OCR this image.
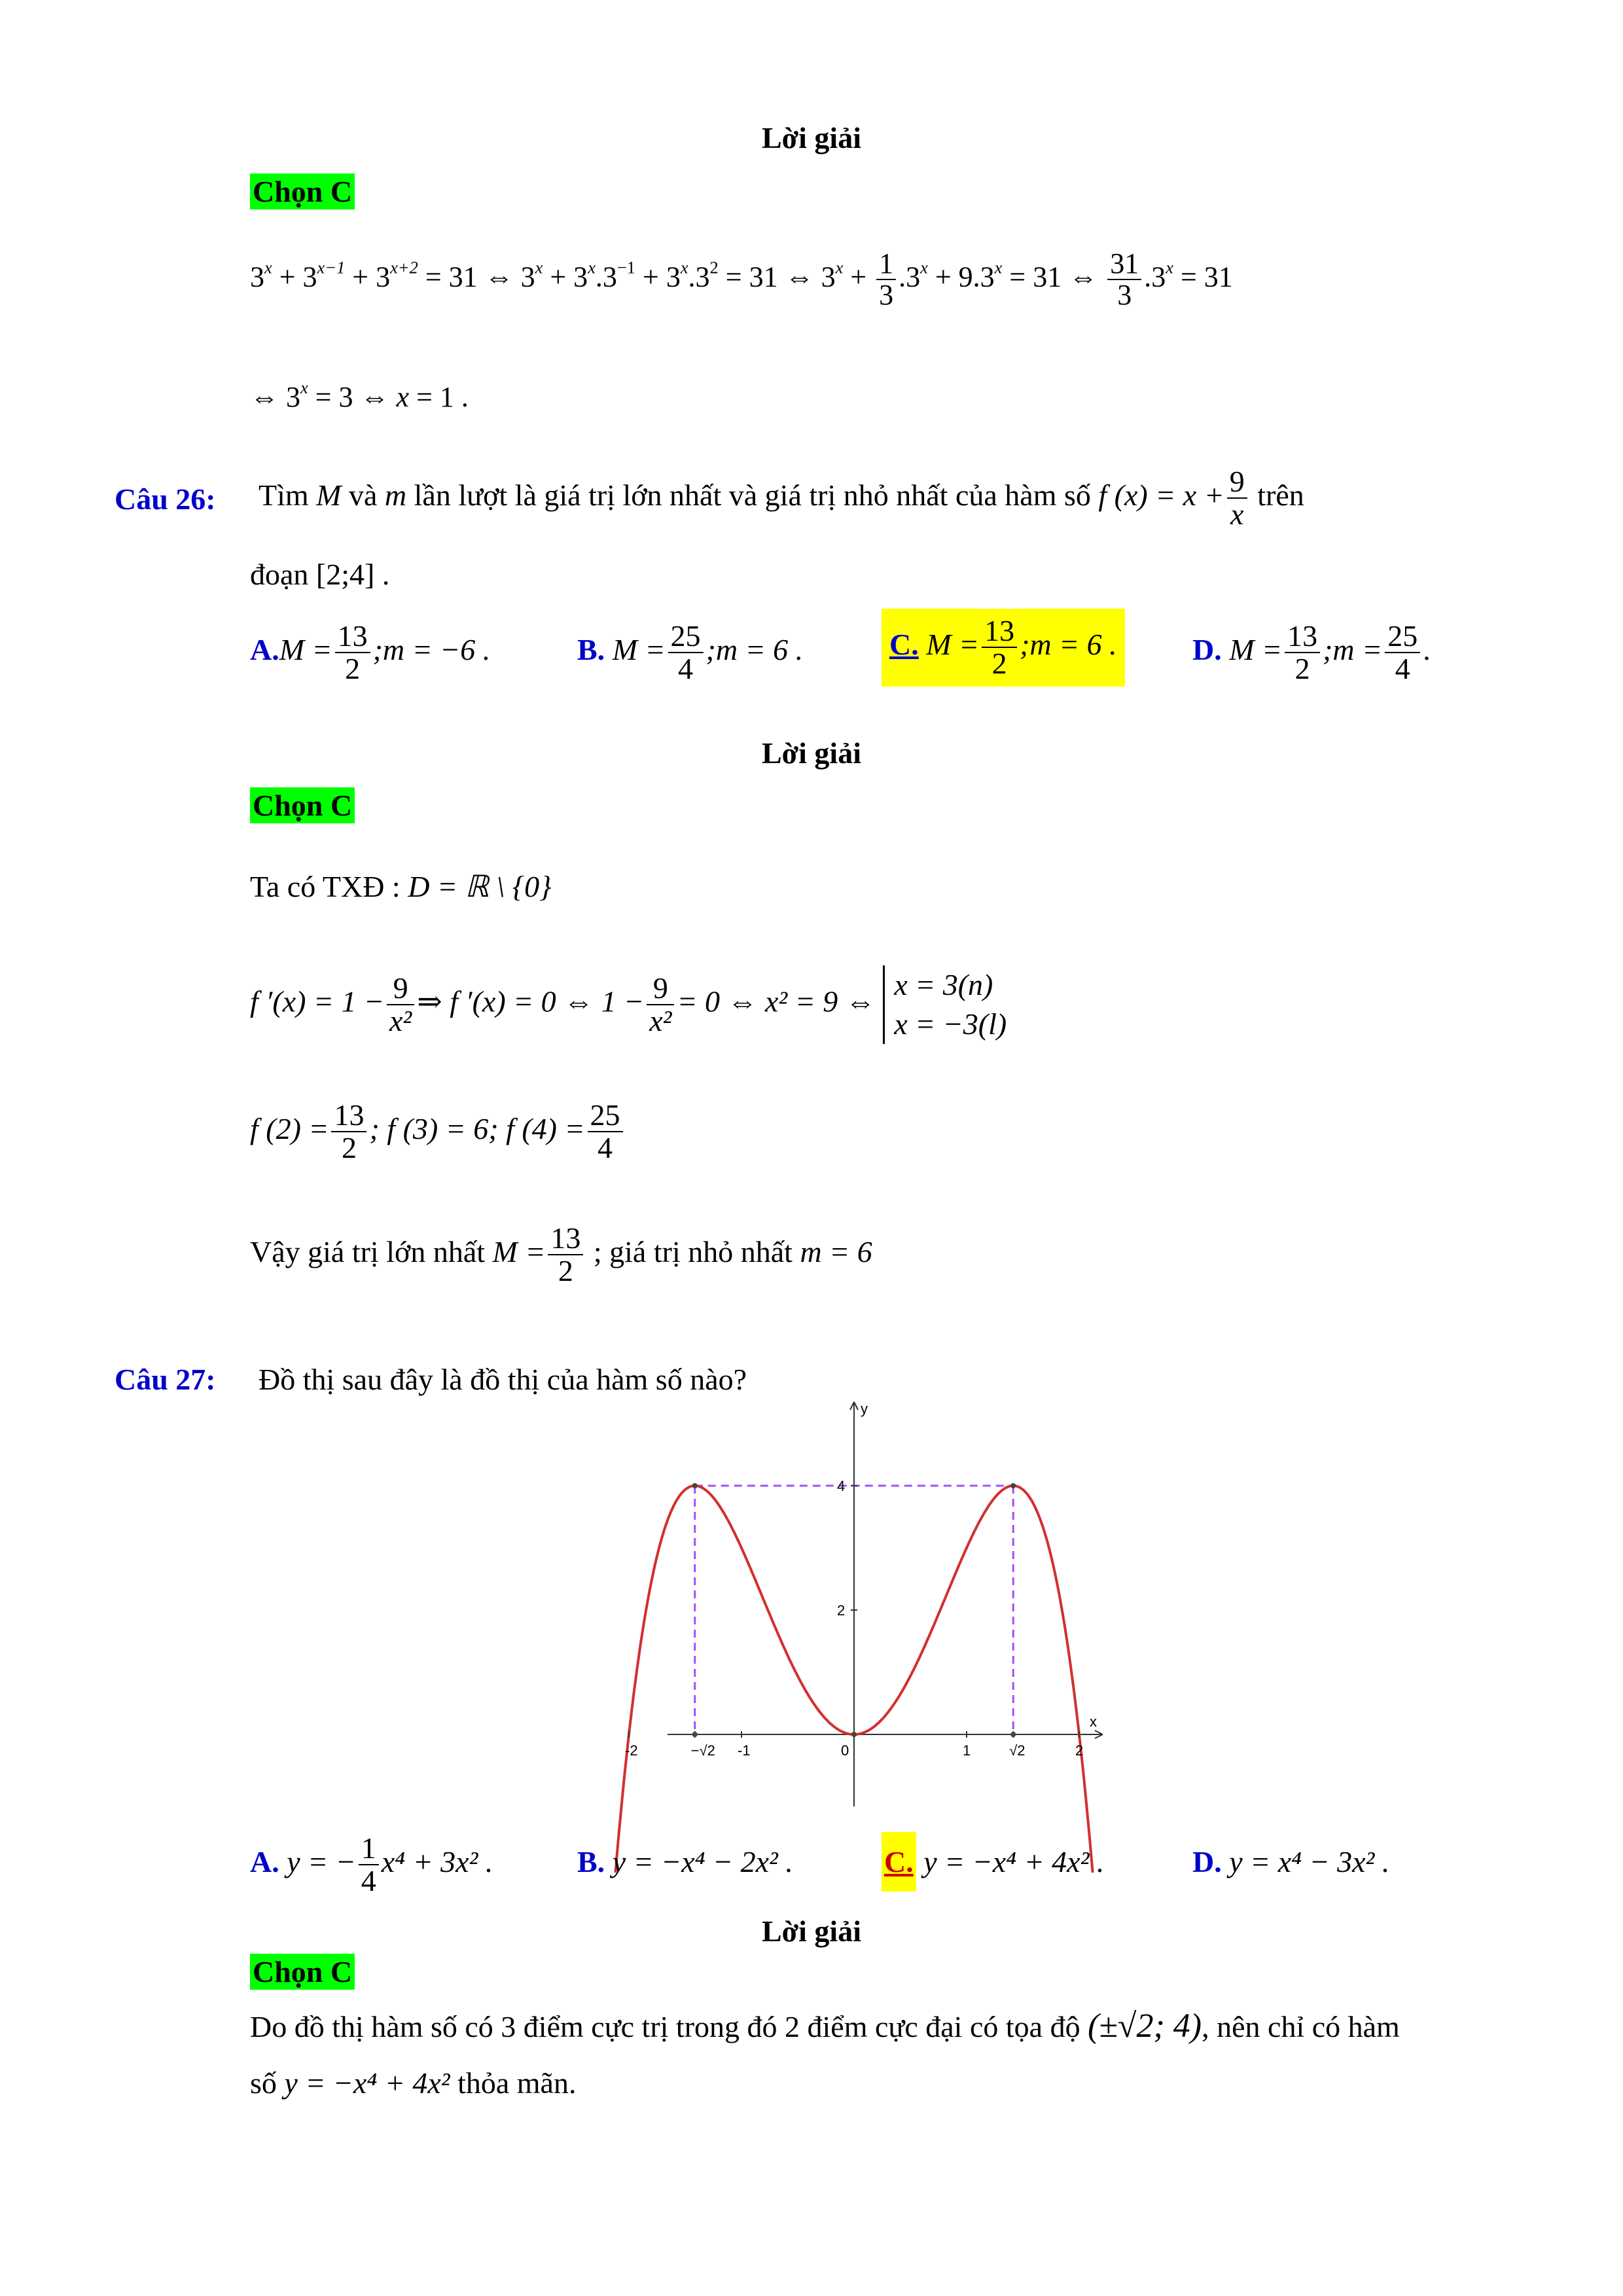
Lời giải
Chọn C
$3^x + 3^{x-1} + 3^{x+2} = 31$ ⇔ $3^x + 3^x.3^{-1} + 3^x.3^2 = 31$ ⇔ $3^x + \frac{1}{3} .3^x + 9.3^x = 31$ ⇔ $\frac{31}{3} .3^x = 31$
⇔ $3^x = 3$ ⇔ x = 1 .
Câu 26: Tìm M và m lần lượt là giá trị lớn nhất và giá trị nhỏ nhất của hàm số f $(x) = x + \frac{9}{x}$ trên
đoạn [2;4] .
$A.M = \frac{13}{2}$ ;m = −6 .	B. $M = \frac{25}{4}$ ;m = 6 .	C. $M = \frac{13}{2}$ ;m = 6 .	D. $M = \frac{13}{2}$ ;m = $\frac{25}{4}$ .
Lời giải
Chọn C
Ta có TXĐ : D = ℝ \ {0}
f $'(x) = 1 - \frac{9}{\text{x²}}$ ⇒ f ′(x) = 0 ⇔ $1 - \frac{9}{\text{x²}} = 0$ ⇔ x² = 9 ⇔ x = 3(n)
x = −3(l)
f $(2) = \frac{13}{2}$ ; f (3) = 6; f $(4) = \frac{25}{4}$
Vậy giá trị lớn nhất $M = \frac{13}{2}$ ; giá trị nhỏ nhất m = 6
Câu 27: Đồ thị sau đây là đồ thị của hàm số nào?
x
y
-2	−√2 -1	0	1	√2	2
2
4
A. y = − $\frac{1}{4} x^4 + 3x^2$ .	B. y = −x⁴ − 2x² .	C. y = −x⁴ + 4x² .	D. y = x⁴ − 3x² .
Lời giải
Chọn C
Do đồ thị hàm số có 3 điểm cực trị trong đó 2 điểm cực đại có tọa độ (±√2; 4), nên chỉ có hàm
số y = −x⁴ + 4x² thỏa mãn.
